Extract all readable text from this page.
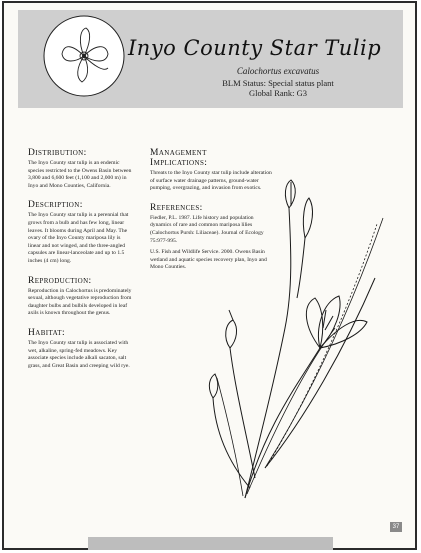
Inyo County Star Tulip
Calochortus excavatus
BLM Status: Special status plant
Global Rank: G3
Distribution:

The Inyo County star tulip is an endemic species restricted to the Owens Basin between 3,800 and 6,600 feet (1,100 and 2,000 m) in Inyo and Mono Counties, California.

Description:

The Inyo County star tulip is a perennial that grows from a bulb and has few long, linear leaves. It blooms during April and May. The ovary of the Inyo County mariposa lily is linear and not winged, and the three-angled capsules are linear-lanceolate and up to 1.5 inches (4 cm) long.

Reproduction:

Reproduction in Calochortus is predominately sexual, although vegetative reproduction from daughter bulbs and bulbils developed in leaf axils is known throughout the genus.

Habitat:

The Inyo County star tulip is associated with wet, alkaline, spring-fed meadows. Key associate species include alkali sacaton, salt grass, and Great Basin and creeping wild rye.

Management
Implications:

Threats to the Inyo County star tulip include alteration of surface water drainage patterns, ground-water pumping, overgrazing, and invasion from exotics.

References:

Fiedler, P.L. 1987. Life history and population dynamics of rare and common mariposa lilies (Calochortus Pursh: Liliaceae). Journal of Ecology 75:977-995.

U.S. Fish and Wildlife Service. 2000. Owens Basin wetland and aquatic species recovery plan, Inyo and Mono Counties.

37
